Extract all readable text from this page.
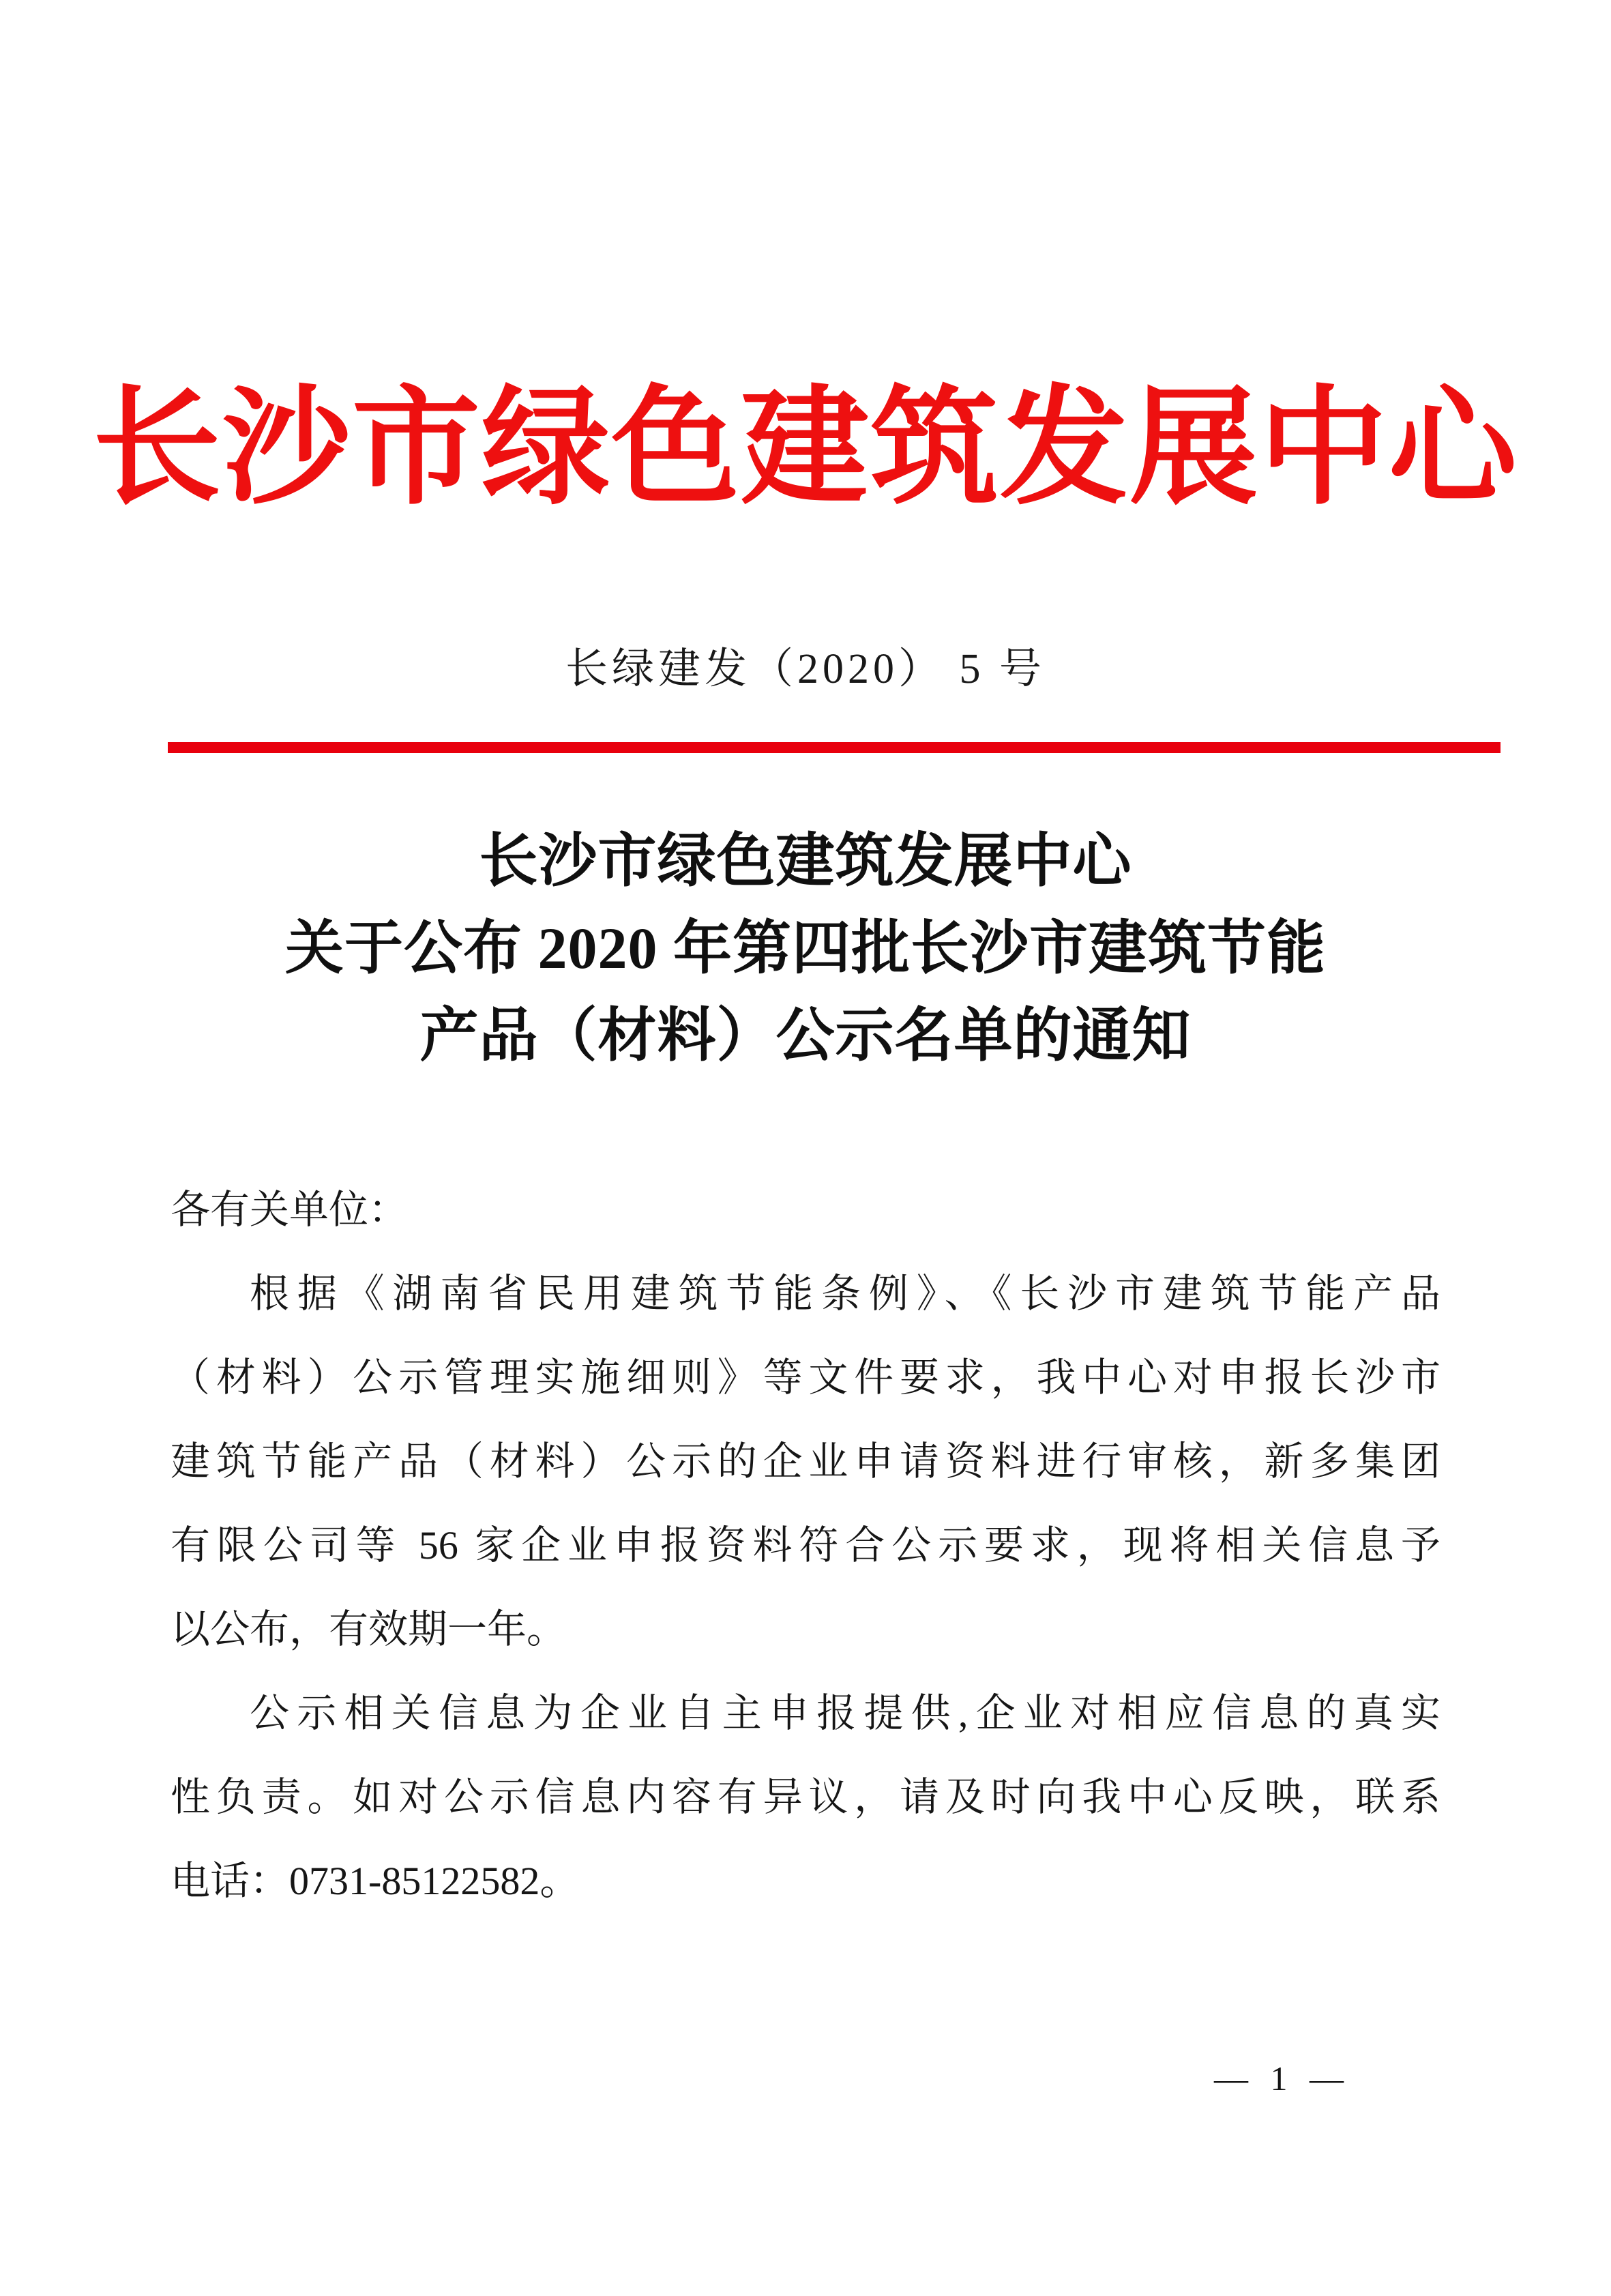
长沙市绿色建筑发展中心
长绿建发（2020） 5 号

长沙市绿色建筑发展中心

关于公布 2020 年第四批长沙市建筑节能

产品（材料）公示名单的通知

各有关单位：

根据《湖南省民用建筑节能条例》、《长沙市建筑节能产品

（材料）公示管理实施细则》等文件要求，我中心对申报长沙市

建筑节能产品（材料）公示的企业申请资料进行审核，新多集团

有限公司等 56 家企业申报资料符合公示要求，现将相关信息予

以公布，有效期一年。

公示相关信息为企业自主申报提供,企业对相应信息的真实

性负责。如对公示信息内容有异议，请及时向我中心反映，联系

电话：0731-85122582。

— 1 —
